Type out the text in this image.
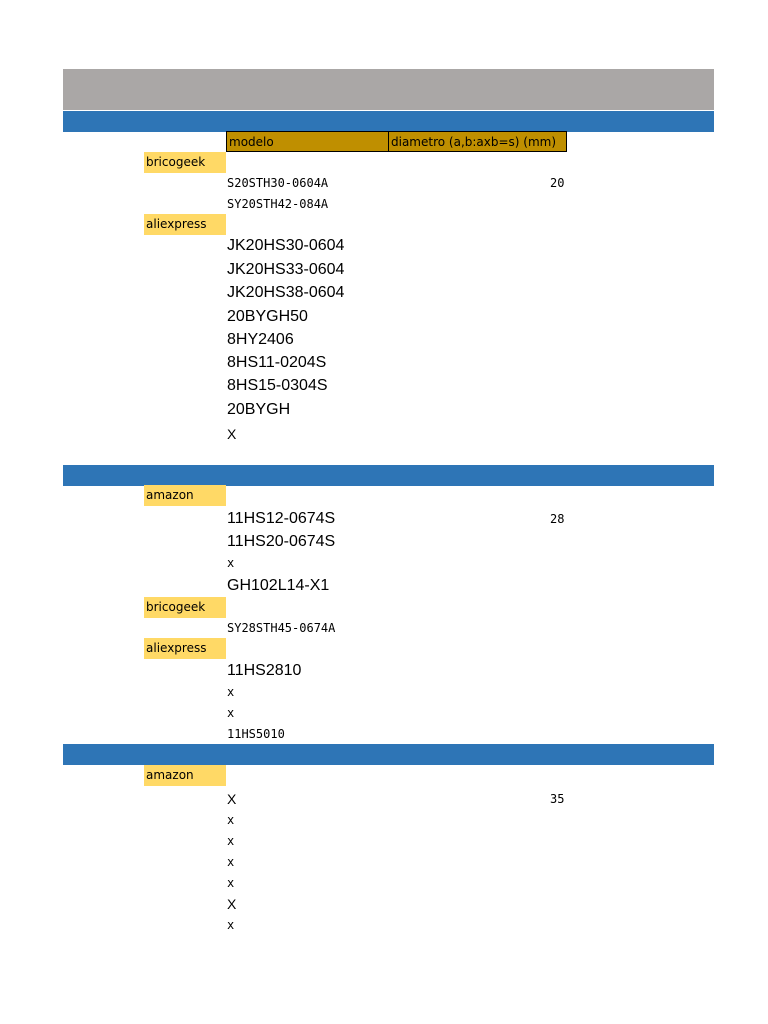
modelo	diametro (a,b:axb=s) (mm)
bricogeek
S20STH30-0604A	20
SY20STH42-084A
aliexpress
JK20HS30-0604
JK20HS33-0604
JK20HS38-0604
20BYGH50
8HY2406
8HS11-0204S
8HS15-0304S
20BYGH
X
amazon
11HS12-0674S	28
11HS20-0674S
x
GH102L14-X1
bricogeek
SY28STH45-0674A
aliexpress
11HS2810
x
x
11HS5010
amazon
X	35
x
x
x
x
X
x
